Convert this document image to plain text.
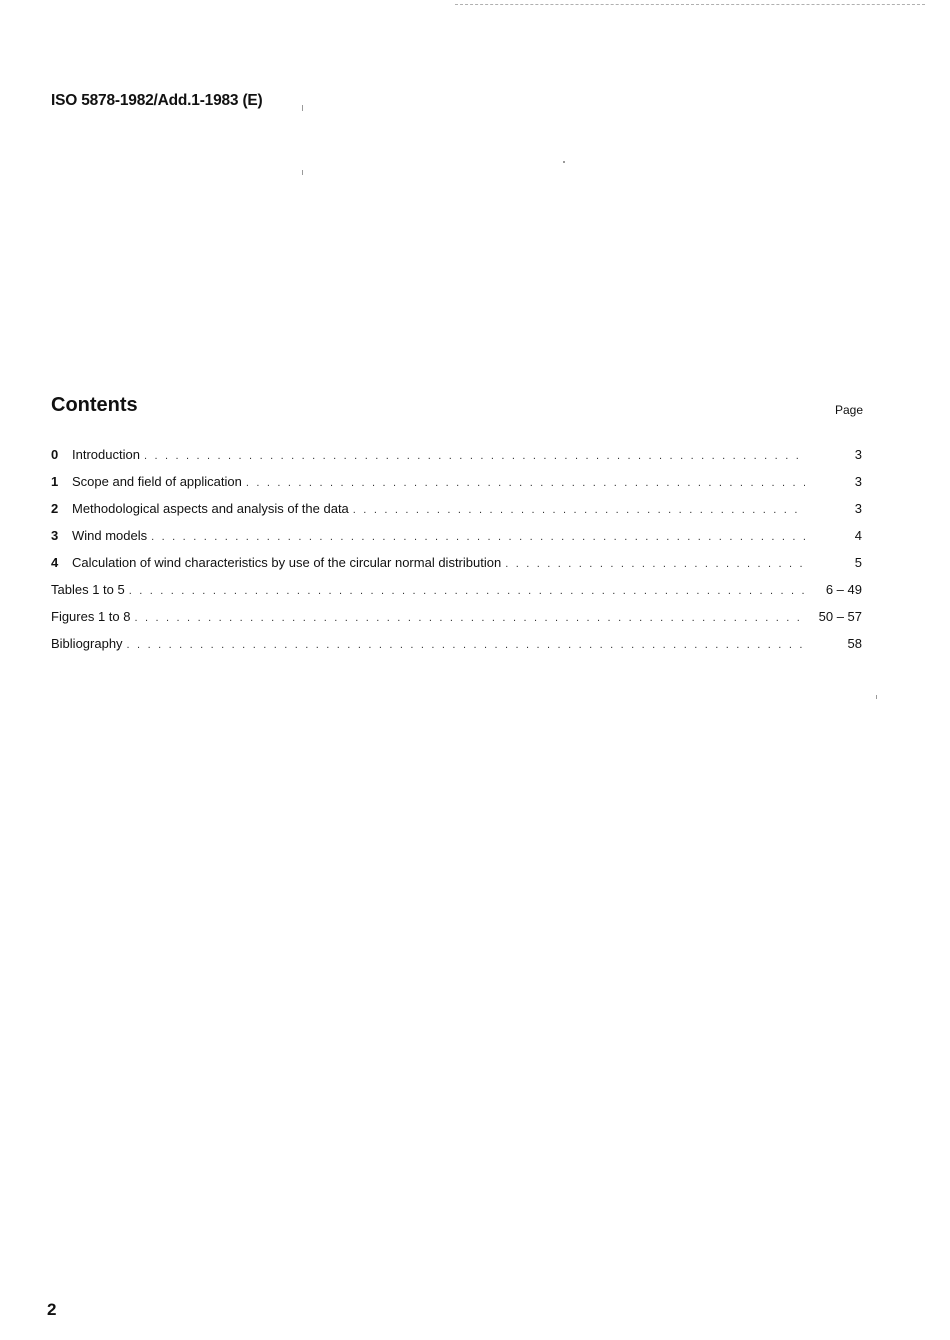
ISO 5878-1982/Add.1-1983 (E)
Contents	Page
0 Introduction . . .	3
1 Scope and field of application . . .	3
2 Methodological aspects and analysis of the data . . .	3
3 Wind models . . .	4
4 Calculation of wind characteristics by use of the circular normal distribution . . .	5
Tables 1 to 5 . . .	6 – 49
Figures 1 to 8 . . .	50 – 57
Bibliography . . .	58
2
